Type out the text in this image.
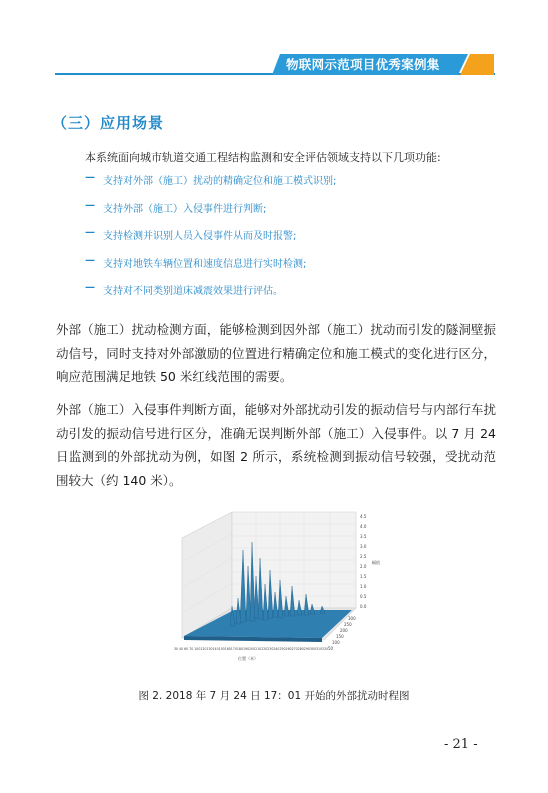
物联网示范项目优秀案例集
（三）应用场景
本系统面向城市轨道交通工程结构监测和安全评估领域支持以下几项功能:
— 支持对外部（施工）扰动的精确定位和施工模式识别;
— 支持外部（施工）入侵事件进行判断;
— 支持检测并识别人员入侵事件从而及时报警;
— 支持对地铁车辆位置和速度信息进行实时检测;
— 支持对不同类别道床减震效果进行评估。
外部（施工）扰动检测方面，能够检测到因外部（施工）扰动而引发的隧洞壁振动信号，同时支持对外部激励的位置进行精确定位和施工模式的变化进行区分，响应范围满足地铁 50 米红线范围的需要。
外部（施工）入侵事件判断方面，能够对外部扰动引发的振动信号与内部行车扰动引发的振动信号进行区分，准确无误判断外部（施工）入侵事件。以 7 月 24 日监测到的外部扰动为例，如图 2 所示，系统检测到振动信号较强，受扰动范围较大（约 140 米）。
0.0
0.5
1.0
1.5
2.0
2.5
3.0
3.5
4.0
4.5
幅值
300
250
200
150
100
50
30 40 60 70 100120130140150160170180190200210220230240250260270280290300310320
位置（米）
图 2. 2018 年 7 月 24 日 17：01 开始的外部扰动时程图
- 21 -
